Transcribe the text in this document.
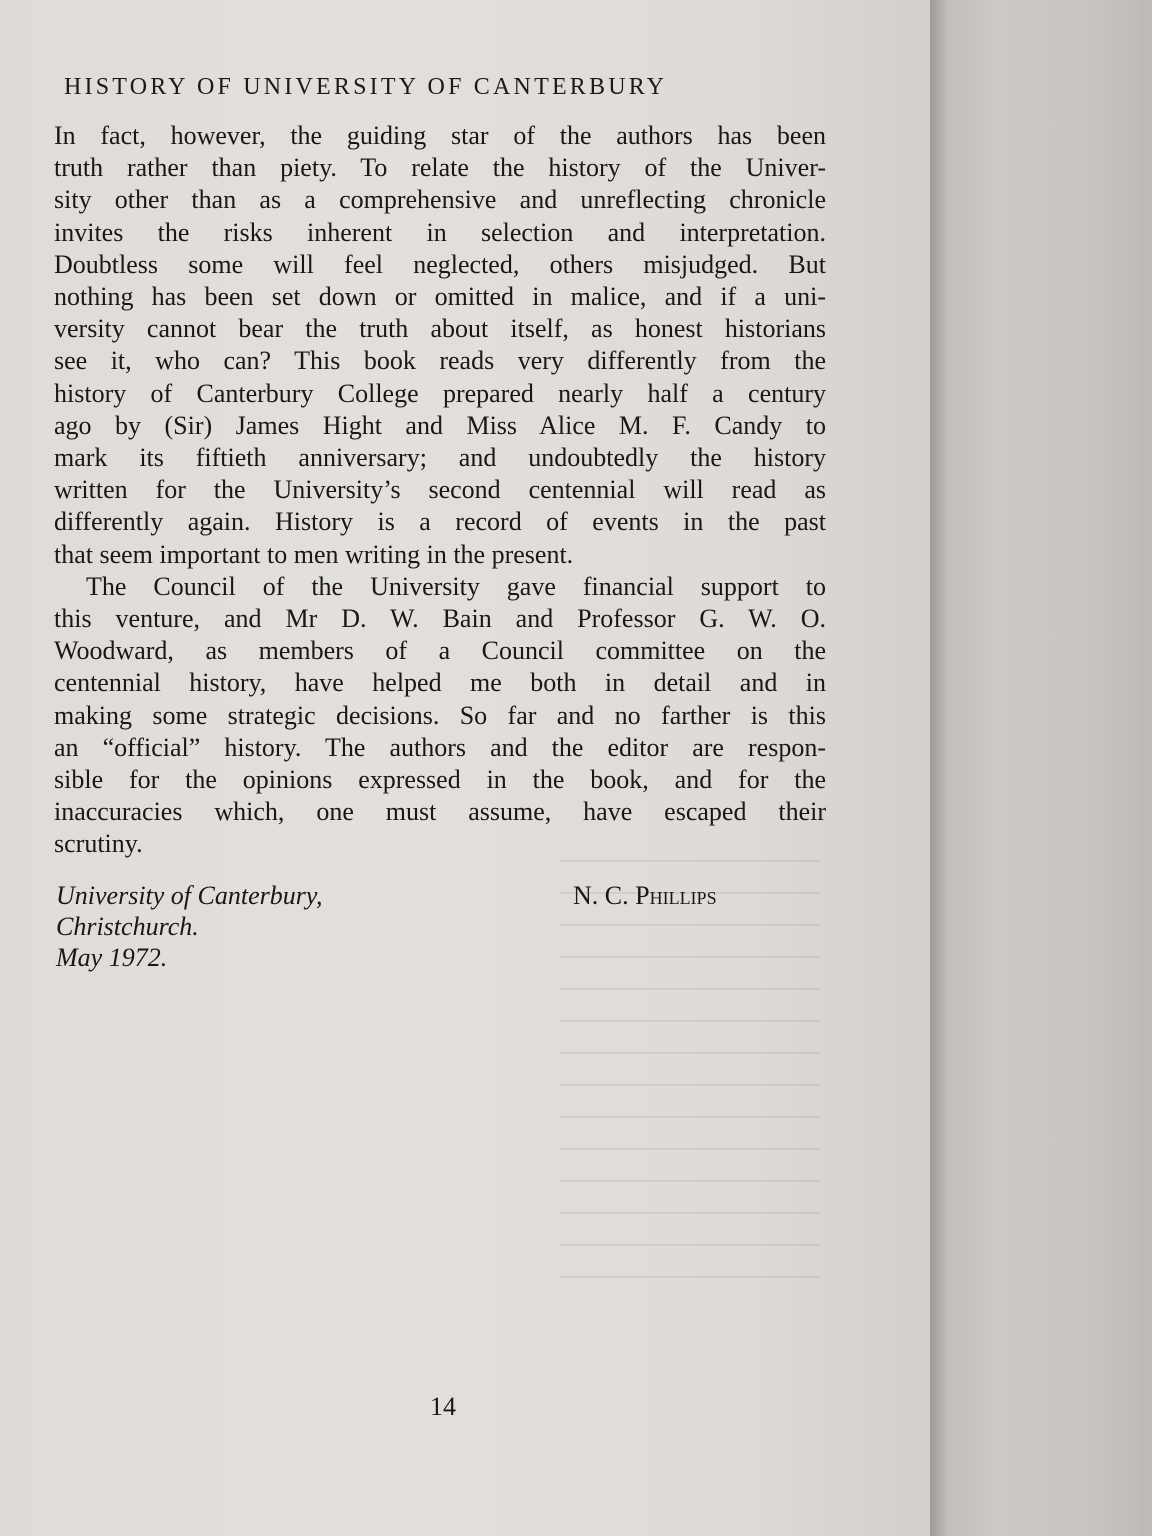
HISTORY OF UNIVERSITY OF CANTERBURY
In fact, however, the guiding star of the authors has been
truth rather than piety. To relate the history of the Univer-
sity other than as a comprehensive and unreflecting chronicle
invites the risks inherent in selection and interpretation.
Doubtless some will feel neglected, others misjudged. But
nothing has been set down or omitted in malice, and if a uni-
versity cannot bear the truth about itself, as honest historians
see it, who can? This book reads very differently from the
history of Canterbury College prepared nearly half a century
ago by (Sir) James Hight and Miss Alice M. F. Candy to
mark its fiftieth anniversary; and undoubtedly the history
written for the University’s second centennial will read as
differently again. History is a record of events in the past
that seem important to men writing in the present.
The Council of the University gave financial support to
this venture, and Mr D. W. Bain and Professor G. W. O.
Woodward, as members of a Council committee on the
centennial history, have helped me both in detail and in
making some strategic decisions. So far and no farther is this
an “official” history. The authors and the editor are respon-
sible for the opinions expressed in the book, and for the
inaccuracies which, one must assume, have escaped their
scrutiny.
University of Canterbury,
Christchurch.
May 1972.
N. C. Phillips
14
